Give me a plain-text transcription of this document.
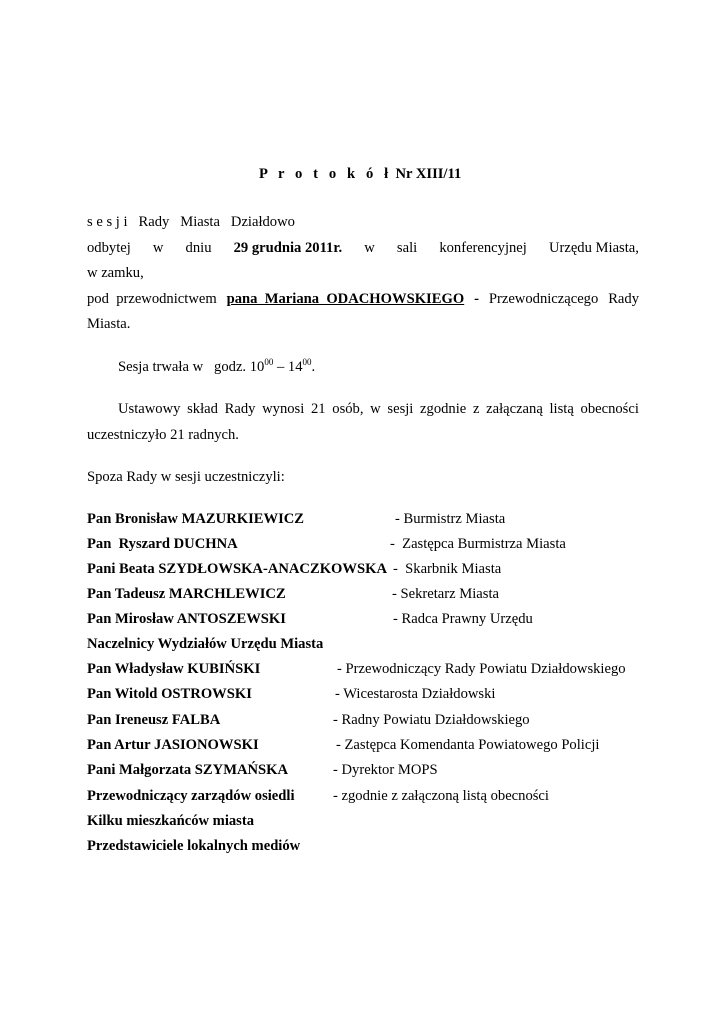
P r o t o k ó ł Nr XIII/11
s e s j i   Rady   Miasta   Działdowo
odbytej w dniu 29 grudnia 2011r. w sali konferencyjnej Urzędu Miasta,
w zamku,
pod  przewodnictwem pana  Mariana  ODACHOWSKIEGO - Przewodniczącego Rady
Miasta.
Sesja trwała w   godz. $10^{00} - 14^{00}$.
Ustawowy skład Rady wynosi 21 osób, w sesji zgodnie z załączaną listą obecności
uczestniczyło 21 radnych.
Spoza Rady w sesji uczestniczyli:
Pan Bronisław MAZURKIEWICZ	- Burmistrz Miasta
Pan  Ryszard DUCHNA	-  Zastępca Burmistrza Miasta
Pani Beata SZYDŁOWSKA-ANACZKOWSKA -  Skarbnik Miasta
Pan Tadeusz MARCHLEWICZ	- Sekretarz Miasta
Pan Mirosław ANTOSZEWSKI	- Radca Prawny Urzędu
Naczelnicy Wydziałów Urzędu Miasta
Pan Władysław KUBIŃSKI	- Przewodniczący Rady Powiatu Działdowskiego
Pan Witold OSTROWSKI	- Wicestarosta Działdowski
Pan Ireneusz FALBA	- Radny Powiatu Działdowskiego
Pan Artur JASIONOWSKI	- Zastępca Komendanta Powiatowego Policji
Pani Małgorzata SZYMAŃSKA	- Dyrektor MOPS
Przewodniczący zarządów osiedli	- zgodnie z załączoną listą obecności
Kilku mieszkańców miasta
Przedstawiciele lokalnych mediów
